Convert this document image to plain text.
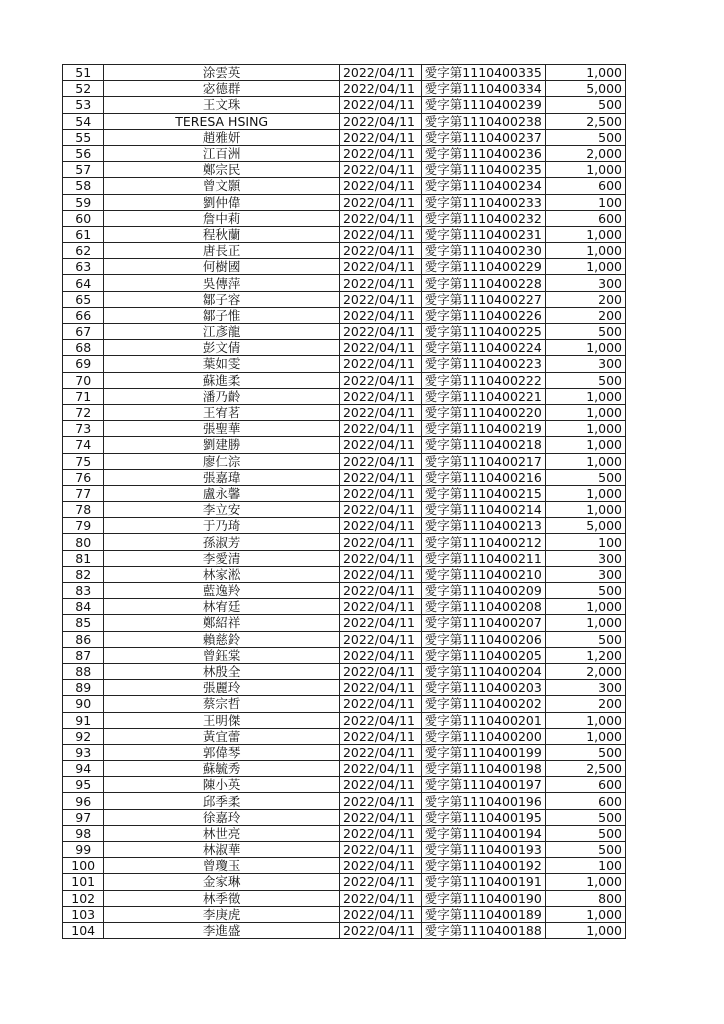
51	涂雲英	2022/04/11	愛字第1110400335	1,000
52	宓德群	2022/04/11	愛字第1110400334	5,000
53	王文珠	2022/04/11	愛字第1110400239	500
54	TERESA HSING	2022/04/11	愛字第1110400238	2,500
55	趙雅妍	2022/04/11	愛字第1110400237	500
56	江百洲	2022/04/11	愛字第1110400236	2,000
57	鄭宗民	2022/04/11	愛字第1110400235	1,000
58	曾文顥	2022/04/11	愛字第1110400234	600
59	劉仲偉	2022/04/11	愛字第1110400233	100
60	詹中莉	2022/04/11	愛字第1110400232	600
61	程秋蘭	2022/04/11	愛字第1110400231	1,000
62	唐長正	2022/04/11	愛字第1110400230	1,000
63	何樹國	2022/04/11	愛字第1110400229	1,000
64	吳傳萍	2022/04/11	愛字第1110400228	300
65	鄒子容	2022/04/11	愛字第1110400227	200
66	鄒子惟	2022/04/11	愛字第1110400226	200
67	江彥龍	2022/04/11	愛字第1110400225	500
68	彭文倩	2022/04/11	愛字第1110400224	1,000
69	葉如雯	2022/04/11	愛字第1110400223	300
70	蘇進柔	2022/04/11	愛字第1110400222	500
71	潘乃齡	2022/04/11	愛字第1110400221	1,000
72	王宥茗	2022/04/11	愛字第1110400220	1,000
73	張聖華	2022/04/11	愛字第1110400219	1,000
74	劉建勝	2022/04/11	愛字第1110400218	1,000
75	廖仁淙	2022/04/11	愛字第1110400217	1,000
76	張嘉瑋	2022/04/11	愛字第1110400216	500
77	盧永馨	2022/04/11	愛字第1110400215	1,000
78	李立安	2022/04/11	愛字第1110400214	1,000
79	于乃琦	2022/04/11	愛字第1110400213	5,000
80	孫淑芳	2022/04/11	愛字第1110400212	100
81	李愛清	2022/04/11	愛字第1110400211	300
82	林家淞	2022/04/11	愛字第1110400210	300
83	藍逸羚	2022/04/11	愛字第1110400209	500
84	林宥廷	2022/04/11	愛字第1110400208	1,000
85	鄭紹祥	2022/04/11	愛字第1110400207	1,000
86	賴慈鈴	2022/04/11	愛字第1110400206	500
87	曾鈺棠	2022/04/11	愛字第1110400205	1,200
88	林殷全	2022/04/11	愛字第1110400204	2,000
89	張麗玲	2022/04/11	愛字第1110400203	300
90	蔡宗哲	2022/04/11	愛字第1110400202	200
91	王明傑	2022/04/11	愛字第1110400201	1,000
92	黃宜蕾	2022/04/11	愛字第1110400200	1,000
93	郭偉琴	2022/04/11	愛字第1110400199	500
94	蘇毓秀	2022/04/11	愛字第1110400198	2,500
95	陳小英	2022/04/11	愛字第1110400197	600
96	邱季柔	2022/04/11	愛字第1110400196	600
97	徐嘉玲	2022/04/11	愛字第1110400195	500
98	林世亮	2022/04/11	愛字第1110400194	500
99	林淑華	2022/04/11	愛字第1110400193	500
100	曾瓊玉	2022/04/11	愛字第1110400192	100
101	金家琳	2022/04/11	愛字第1110400191	1,000
102	林季徵	2022/04/11	愛字第1110400190	800
103	李庚虎	2022/04/11	愛字第1110400189	1,000
104	李進盛	2022/04/11	愛字第1110400188	1,000
